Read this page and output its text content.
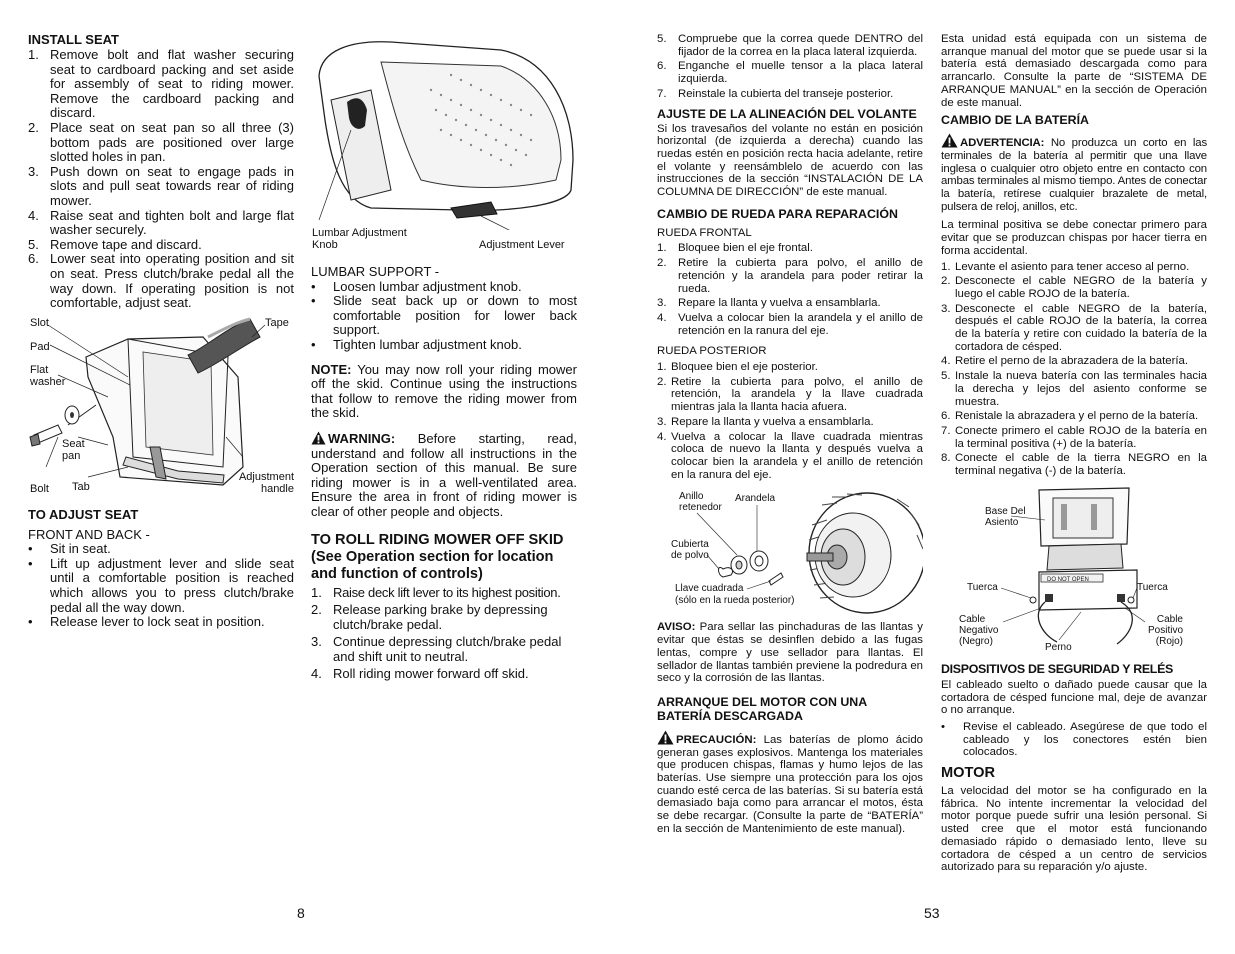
INSTALL SEAT
1. Remove bolt and flat washer securing seat to cardboard packing and set aside for assembly of seat to riding mower. Remove the cardboard packing and discard.
2. Place seat on seat pan so all three (3) bottom pads are positioned over large slotted holes in pan.
3. Push down on seat to engage pads in slots and pull seat towards rear of riding mower.
4. Raise seat and tighten bolt and large flat washer securely.
5. Remove tape and discard.
6. Lower seat into operating position and sit on seat. Press clutch/brake pedal all the way down. If operating position is not comfortable, adjust seat.
Slot
Pad
Flat washer
Seat pan
Bolt Tab
Tape
Adjustment handle
TO ADJUST SEAT
FRONT AND BACK -
• Sit in seat.
• Lift up adjustment lever and slide seat until a comfortable position is reached which allows you to press clutch/brake pedal all the way down.
• Release lever to lock seat in position.
Lumbar Adjustment Knob	Adjustment Lever
LUMBAR SUPPORT -
• Loosen lumbar adjustment knob.
• Slide seat back up or down to most comfortable position for lower back support.
• Tighten lumbar adjustment knob.

NOTE: You may now roll your riding mower off the skid. Continue using the instructions that follow to remove the riding mower from the skid.

WARNING: Before starting, read, understand and follow all instructions in the Operation section of this manual. Be sure riding mower is in a well-ventilated area. Ensure the area in front of riding mower is clear of other people and objects.

TO ROLL RIDING MOWER OFF SKID (See Operation section for location and function of controls)
1. Raise deck lift lever to its highest position.
2. Release parking brake by depressing clutch/brake pedal.
3. Continue depressing clutch/brake pedal and shift unit to neutral.
4. Roll riding mower forward off skid.
8
5. Compruebe que la correa quede DENTRO del fijador de la correa en la placa lateral izquierda.
6. Enganche el muelle tensor a la placa lateral izquierda.
7. Reinstale la cubierta del transeje posterior.
AJUSTE DE LA ALINEACIÓN DEL VOLANTE

Si los travesaños del volante no están en posición horizontal (de izquierda a derecha) cuando las ruedas estén en posición recta hacia adelante, retire el volante y reensámblelo de acuerdo con las instrucciones de la sección “INSTALACIÓN DE LA COLUMNA DE DIRECCIÓN” de este manual.

CAMBIO DE RUEDA PARA REPARACIÓN
RUEDA FRONTAL
1. Bloquee bien el eje frontal.
2. Retire la cubierta para polvo, el anillo de retención y la arandela para poder retirar la rueda.
3. Repare la llanta y vuelva a ensamblarla.
4. Vuelva a colocar bien la arandela y el anillo de retención en la ranura del eje.
RUEDA POSTERIOR
1. Bloquee bien el eje posterior.
2. Retire la cubierta para polvo, el anillo de retención, la arandela y la llave cuadrada mientras jala la llanta hacia afuera.
3. Repare la llanta y vuelva a ensamblarla.
4. Vuelva a colocar la llave cuadrada mientras coloca de nuevo la llanta y después vuelva a colocar bien la arandela y el anillo de retención en la ranura del eje.
Anillo retenedor
Arandela
Cubierta de polvo
Llave cuadrada
(sólo en la rueda posterior)

AVISO: Para sellar las pinchaduras de las llantas y evitar que éstas se desinflen debido a las fugas lentas, compre y use sellador para llantas. El sellador de llantas también previene la podredura en seco y la corrosión de las llantas.

ARRANQUE DEL MOTOR CON UNA BATERÍA DESCARGADA

PRECAUCIÓN: Las baterías de plomo ácido generan gases explosivos. Mantenga los materiales que producen chispas, flamas y humo lejos de las baterías. Use siempre una protección para los ojos cuando esté cerca de las baterías. Si su batería está demasiado baja como para arrancar el motos, ésta se debe recargar. (Consulte la parte de “BATERÍA” en la sección de Mantenimiento de este manual).

Esta unidad está equipada con un sistema de arranque manual del motor que se puede usar si la batería está demasiado descargada como para arrancarlo. Consulte la parte de “SISTEMA DE ARRANQUE MANUAL” en la sección de Operación de este manual.

CAMBIO DE LA BATERÍA

ADVERTENCIA: No produzca un corto en las terminales de la batería al permitir que una llave inglesa o cualquier otro objeto entre en contacto con ambas terminales al mismo tiempo. Antes de conectar la batería, retírese cualquier brazalete de metal, pulsera de reloj, anillos, etc.

La terminal positiva se debe conectar primero para evitar que se produzcan chispas por hacer tierra en forma accidental.

1. Levante el asiento para tener acceso al perno.
2. Desconecte el cable NEGRO de la batería y luego el cable ROJO de la batería.
3. Desconecte el cable NEGRO de la batería, después el cable ROJO de la batería, la correa de la batería y retire con cuidado la batería de la cortadora de césped.
4. Retire el perno de la abrazadera de la batería.
5. Instale la nueva batería con las terminales hacia la derecha y lejos del asiento conforme se muestra.
6. Renistale la abrazadera y el perno de la batería.
7. Conecte primero el cable ROJO de la batería en la terminal positiva (+) de la batería.
8. Conecte el cable de la tierra NEGRO en la terminal negativa (-) de la batería.
DO NOT OPEN
Base Del Asiento
Tuerca	Tuerca
Cable Negativo (Negro)
Cable Positivo (Rojo)
Perno
DISPOSITIVOS DE SEGURIDAD Y RELÉS

El cableado suelto o dañado puede causar que la cortadora de césped funcione mal, deje de avanzar o no arranque.

• Revise el cableado. Asegúrese de que todo el cableado y los conectores estén bien colocados.
MOTOR

La velocidad del motor se ha configurado en la fábrica. No intente incrementar la velocidad del motor porque puede sufrir una lesión personal. Si usted cree que el motor está funcionando demasiado rápido o demasiado lento, lleve su cortadora de césped a un centro de servicios autorizado para su reparación y/o ajuste.

53
